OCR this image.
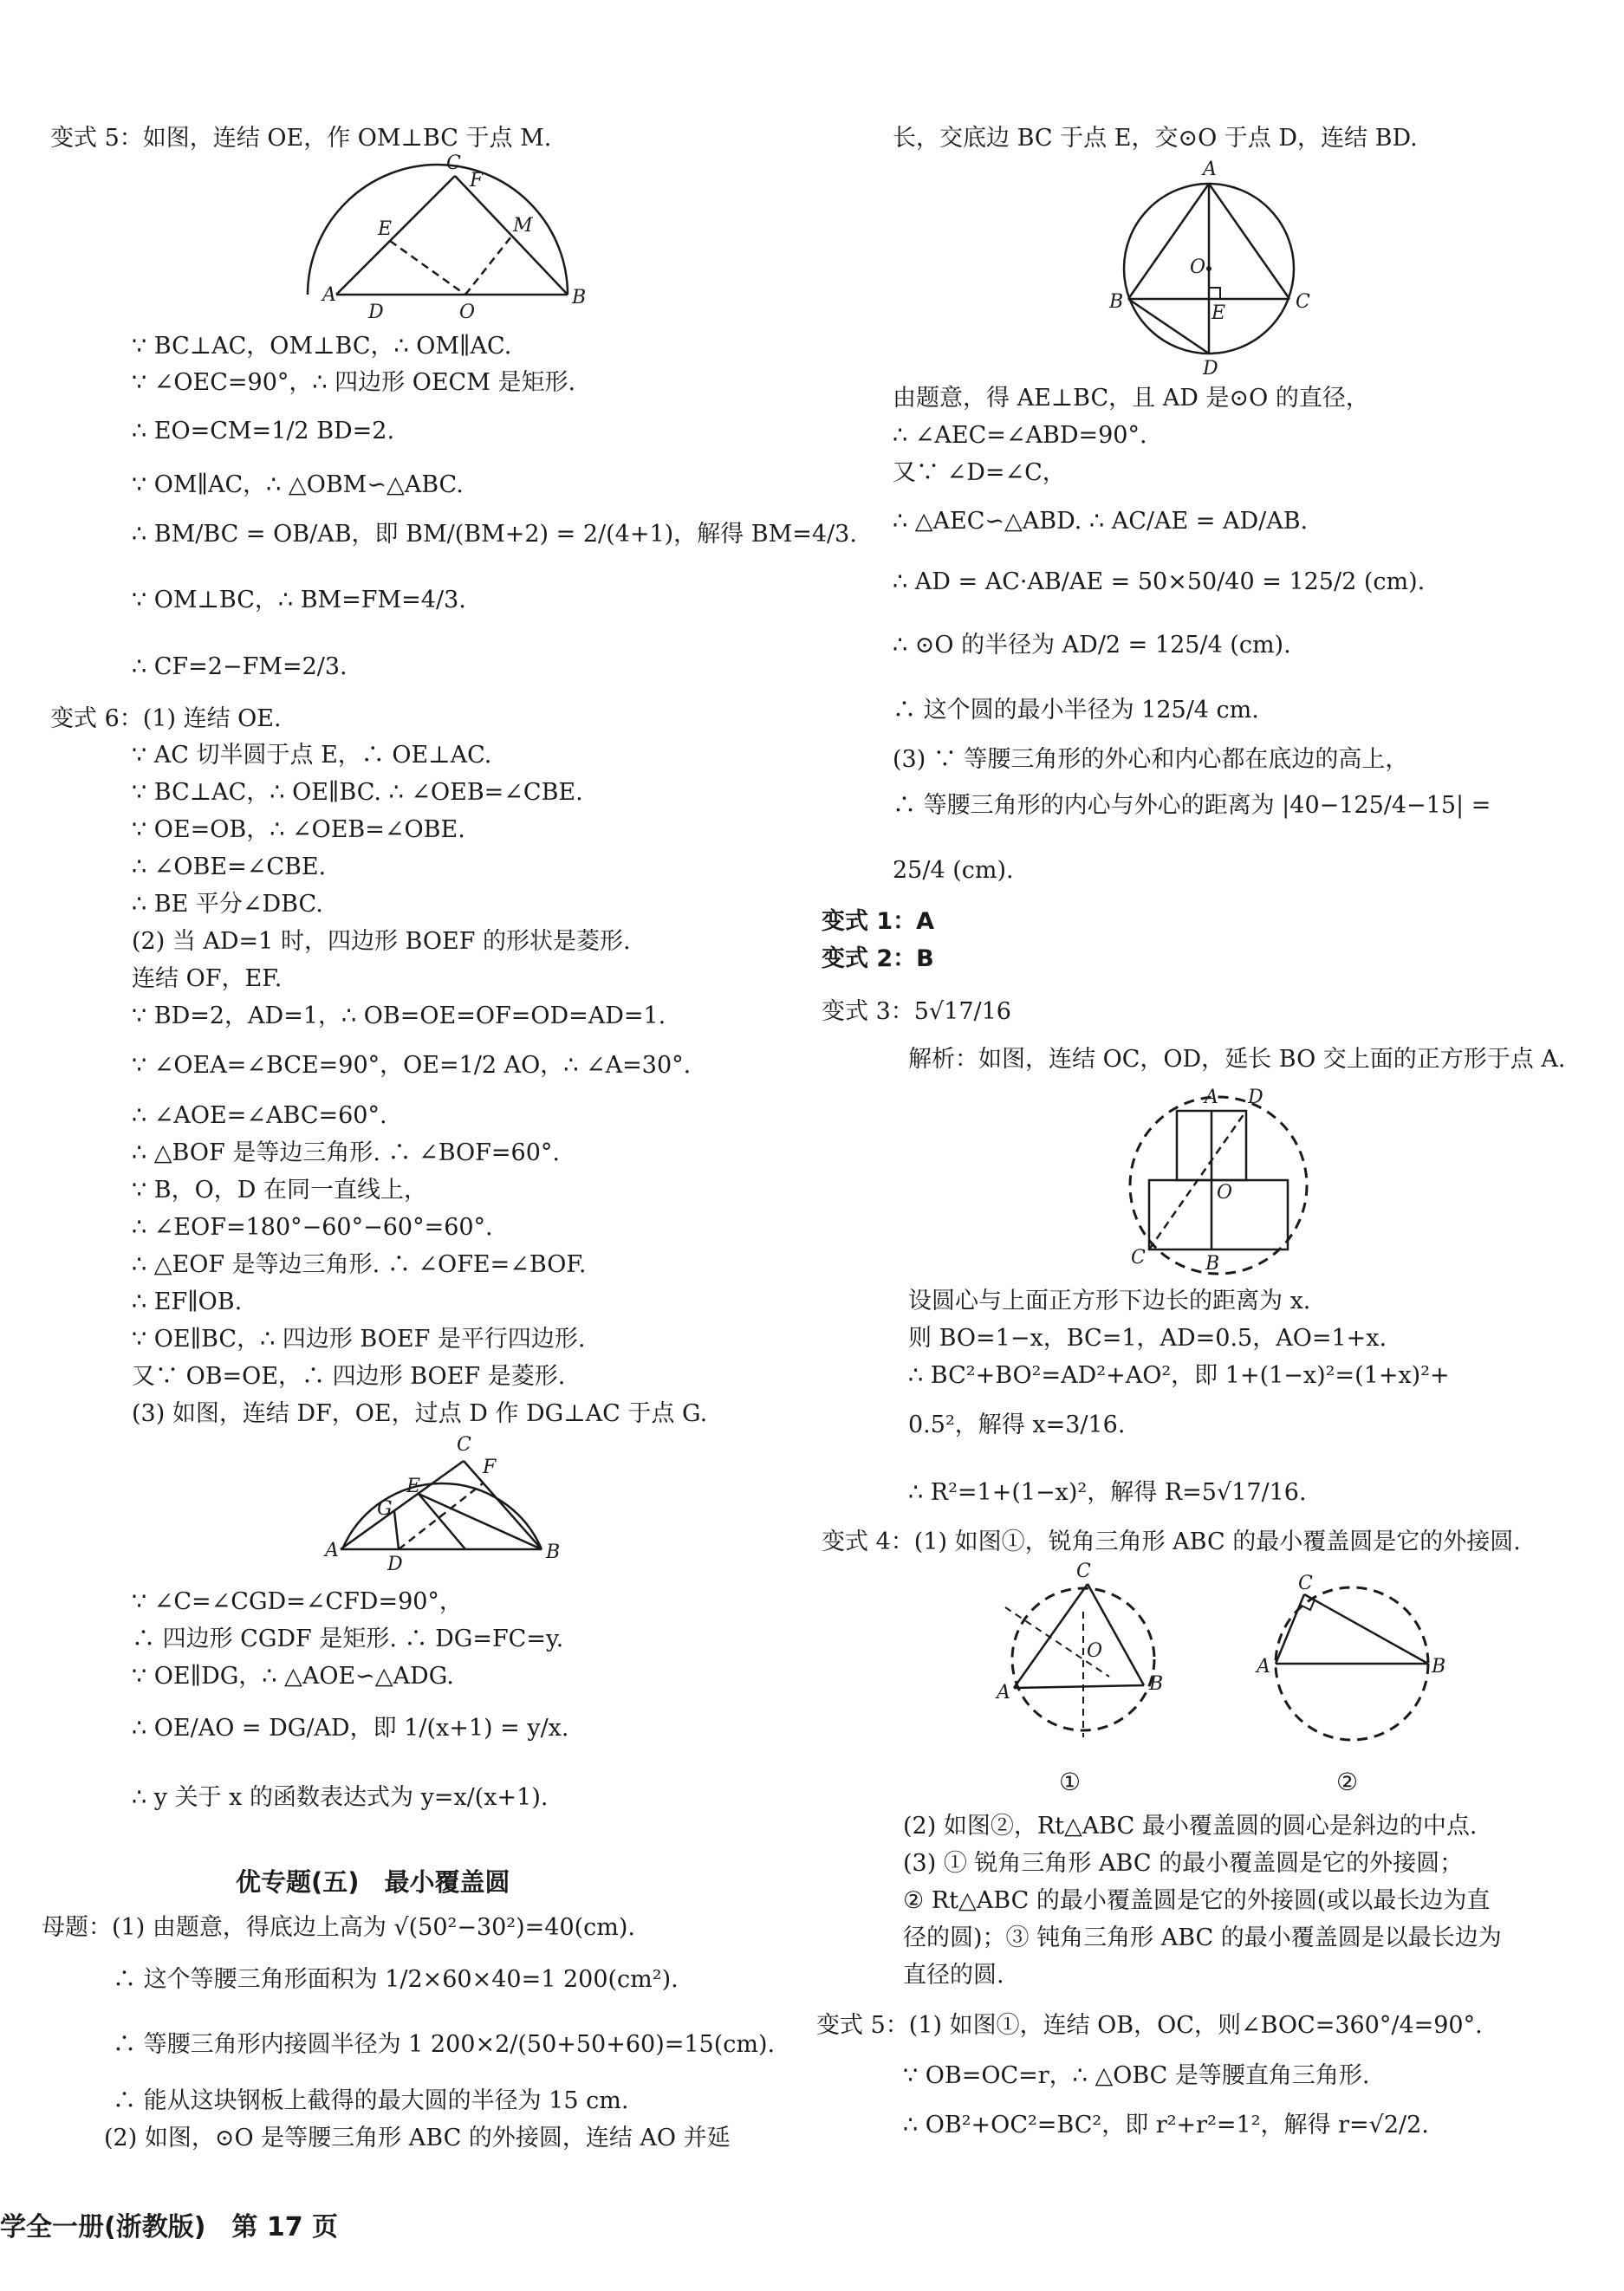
变式 5：如图，连结 OE，作 OM⊥BC 于点 M.
A	B
C
D
E
F
M
O
∵ BC⊥AC，OM⊥BC，∴ OM∥AC.
∵ ∠OEC=90°，∴ 四边形 OECM 是矩形.
∴ EO=CM=1/2 BD=2.
∵ OM∥AC，∴ △OBM∽△ABC.
∴ BM/BC = OB/AB，即 BM/(BM+2) = 2/(4+1)，解得 BM=4/3.
∵ OM⊥BC，∴ BM=FM=4/3.
∴ CF=2−FM=2/3.
变式 6：(1) 连结 OE.
∵ AC 切半圆于点 E，∴ OE⊥AC.
∵ BC⊥AC，∴ OE∥BC. ∴ ∠OEB=∠CBE.
∵ OE=OB，∴ ∠OEB=∠OBE.
∴ ∠OBE=∠CBE.
∴ BE 平分∠DBC.
(2) 当 AD=1 时，四边形 BOEF 的形状是菱形.
连结 OF，EF.
∵ BD=2，AD=1，∴ OB=OE=OF=OD=AD=1.
∵ ∠OEA=∠BCE=90°，OE=1/2 AO，∴ ∠A=30°.
∴ ∠AOE=∠ABC=60°.
∴ △BOF 是等边三角形. ∴ ∠BOF=60°.
∵ B，O，D 在同一直线上，
∴ ∠EOF=180°−60°−60°=60°.
∴ △EOF 是等边三角形. ∴ ∠OFE=∠BOF.
∴ EF∥OB.
∵ OE∥BC，∴ 四边形 BOEF 是平行四边形.
又∵ OB=OE，∴ 四边形 BOEF 是菱形.
(3) 如图，连结 DF，OE，过点 D 作 DG⊥AC 于点 G.
A	B
C
D
E
F
G
∵ ∠C=∠CGD=∠CFD=90°，
∴ 四边形 CGDF 是矩形. ∴ DG=FC=y.
∵ OE∥DG，∴ △AOE∽△ADG.
∴ OE/AO = DG/AD，即 1/(x+1) = y/x.
∴ y 关于 x 的函数表达式为 y=x/(x+1).
优专题(五)　最小覆盖圆
母题：(1) 由题意，得底边上高为 √(50²−30²)=40(cm).
∴ 这个等腰三角形面积为 1/2×60×40=1 200(cm²).
∴ 等腰三角形内接圆半径为 1 200×2/(50+50+60)=15(cm).
∴ 能从这块钢板上截得的最大圆的半径为 15 cm.
(2) 如图，⊙O 是等腰三角形 ABC 的外接圆，连结 AO 并延
学全一册(浙教版)　第 17 页
长，交底边 BC 于点 E，交⊙O 于点 D，连结 BD.
A
B	C
D
E
O
由题意，得 AE⊥BC，且 AD 是⊙O 的直径，
∴ ∠AEC=∠ABD=90°.
又∵ ∠D=∠C，
∴ △AEC∽△ABD. ∴ AC/AE = AD/AB.
∴ AD = AC·AB/AE = 50×50/40 = 125/2 (cm).
∴ ⊙O 的半径为 AD/2 = 125/4 (cm).
∴ 这个圆的最小半径为 125/4 cm.
(3) ∵ 等腰三角形的外心和内心都在底边的高上，
∴ 等腰三角形的内心与外心的距离为 |40−125/4−15| =
25/4 (cm).
变式 1：A
变式 2：B
变式 3：5√17/16
解析：如图，连结 OC，OD，延长 BO 交上面的正方形于点 A.
A
B
C
D
O
设圆心与上面正方形下边长的距离为 x.
则 BO=1−x，BC=1，AD=0.5，AO=1+x.
∴ BC²+BO²=AD²+AO²，即 1+(1−x)²=(1+x)²+
0.5²，解得 x=3/16.
∴ R²=1+(1−x)²，解得 R=5√17/16.
变式 4：(1) 如图①，锐角三角形 ABC 的最小覆盖圆是它的外接圆.
C
A	B
O
C
A	B
①	②
(2) 如图②，Rt△ABC 最小覆盖圆的圆心是斜边的中点.
(3) ① 锐角三角形 ABC 的最小覆盖圆是它的外接圆；
② Rt△ABC 的最小覆盖圆是它的外接圆(或以最长边为直
径的圆)；③ 钝角三角形 ABC 的最小覆盖圆是以最长边为
直径的圆.
变式 5：(1) 如图①，连结 OB，OC，则∠BOC=360°/4=90°.
∵ OB=OC=r，∴ △OBC 是等腰直角三角形.
∴ OB²+OC²=BC²，即 r²+r²=1²，解得 r=√2/2.
